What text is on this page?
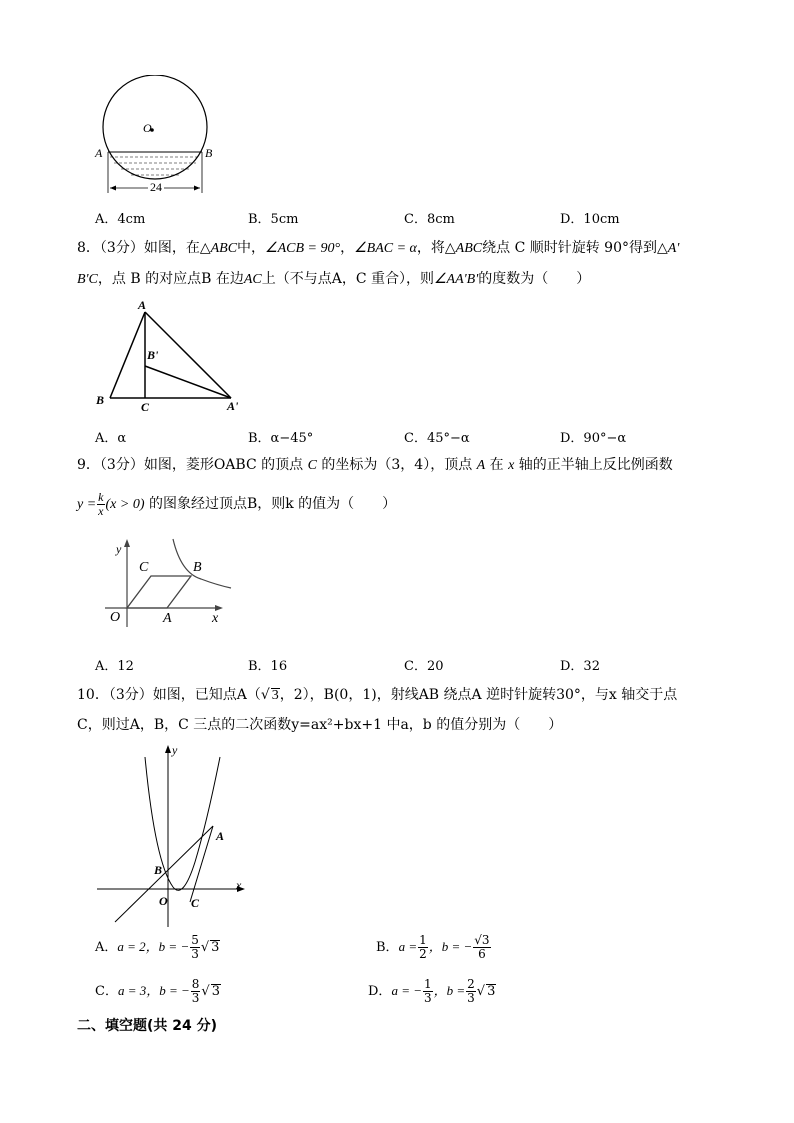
O
A	B
24
A．4cm	B．5cm	C．8cm	D．10cm
8．（3分）如图，在△ABC中，∠ACB = 90°，∠BAC = α，将△ABC绕点 C 顺时针旋转 90°得到△A'
B'C，点 B 的对应点B 在边AC上（不与点A，C 重合），则∠AA'B'的度数为（　　）
A
B'
B	C	A'
A．α	B．α−45°	C．45°−α	D．90°−α
9．（3分）如图，菱形OABC 的顶点 C 的坐标为（3，4），顶点 A 在 x 轴的正半轴上反比例函数
$y = \frac{k}{x} (x > 0)$ 的图象经过顶点B，则k 的值为（　　）
y
C	B
O	A	x
A．12	B．16	C．20	D．32
10．（3分）如图，已知点A（√ 3，2），B(0，1)，射线AB 绕点A 逆时针旋转30°，与x 轴交于点
C，则过A，B，C 三点的二次函数y=ax²+bx+1 中a，b 的值分别为（　　）
y
A
B
x
O C
A．a = 2，b = − $\frac{5}{3}$ √ 3	B．$a = \frac{1}{2}$ ，b = − $\frac{√3}{6}$
C．a = 3，b = − $\frac{8}{3}$ √ 3	D．a = − $\frac{1}{3}$ ，$b = \frac{2}{3}$ √ 3
二、填空题(共 24 分)
